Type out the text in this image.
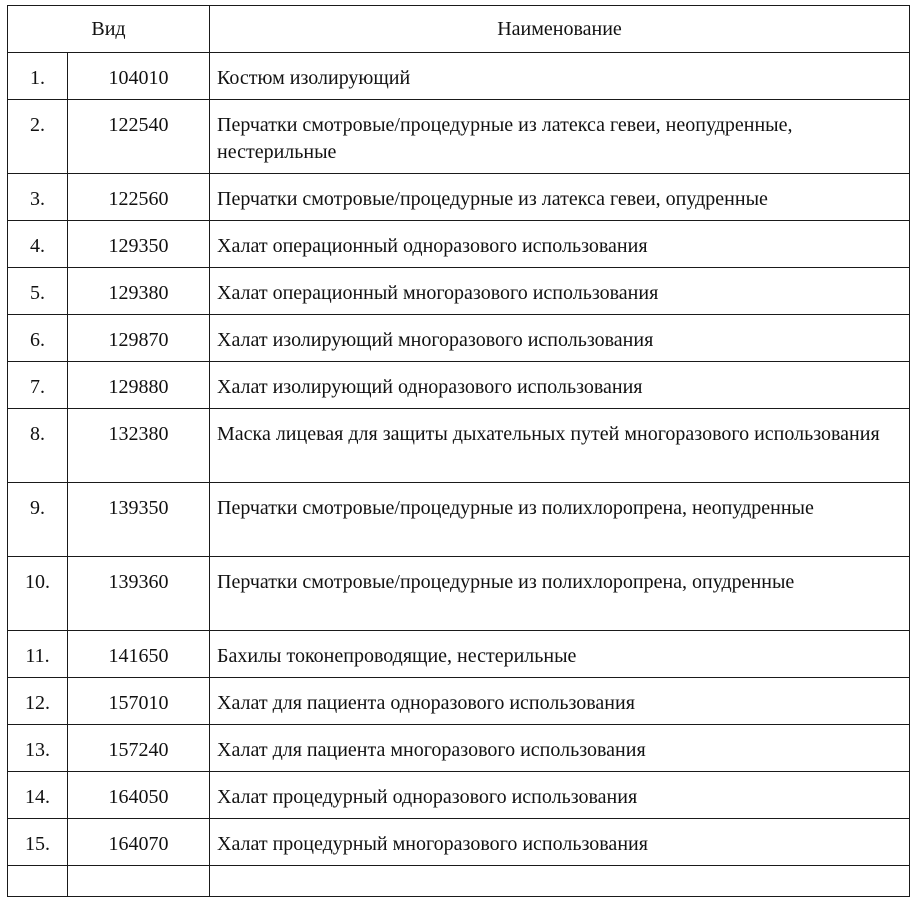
Вид		Наименование
1.	104010	Костюм изолирующий
2.	122540	Перчатки смотровые/процедурные из латекса гевеи, неопудренные, нестерильные
3.	122560	Перчатки смотровые/процедурные из латекса гевеи, опудренные
4.	129350	Халат операционный одноразового использования
5.	129380	Халат операционный многоразового использования
6.	129870	Халат изолирующий многоразового использования
7.	129880	Халат изолирующий одноразового использования
8.	132380	Маска лицевая для защиты дыхательных путей многоразового использования
9.	139350	Перчатки смотровые/процедурные из полихлоропрена, неопудренные
10.	139360	Перчатки смотровые/процедурные из полихлоропрена, опудренные
11.	141650	Бахилы токонепроводящие, нестерильные
12.	157010	Халат для пациента одноразового использования
13.	157240	Халат для пациента многоразового использования
14.	164050	Халат процедурный одноразового использования
15.	164070	Халат процедурный многоразового использования
